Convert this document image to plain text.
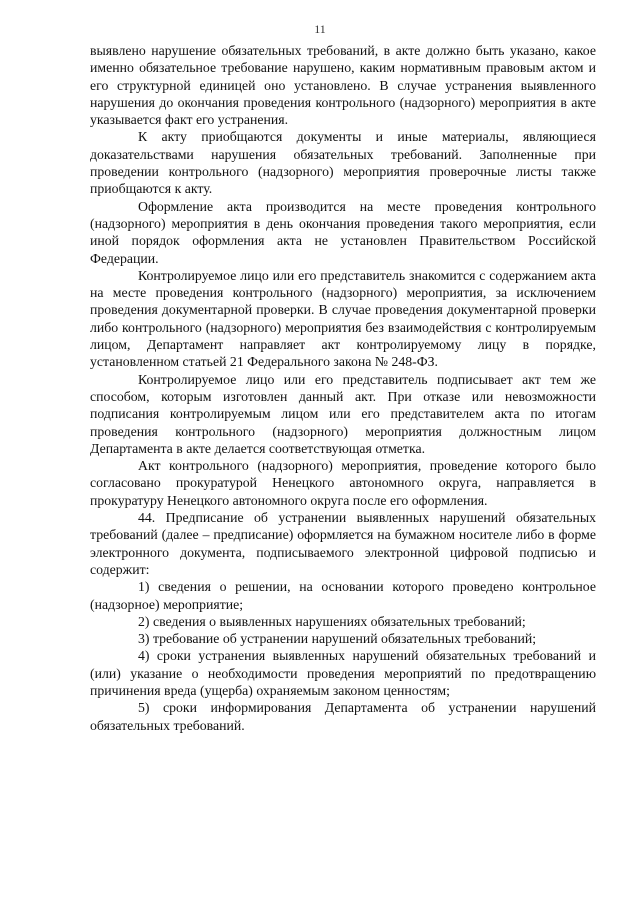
11

выявлено нарушение обязательных требований, в акте должно быть указано, какое именно обязательное требование нарушено, каким нормативным правовым актом и его структурной единицей оно установлено. В случае устранения выявленного нарушения до окончания проведения контрольного (надзорного) мероприятия в акте указывается факт его устранения.

К акту приобщаются документы и иные материалы, являющиеся доказательствами нарушения обязательных требований. Заполненные при проведении контрольного (надзорного) мероприятия проверочные листы также приобщаются к акту.

Оформление акта производится на месте проведения контрольного (надзорного) мероприятия в день окончания проведения такого мероприятия, если иной порядок оформления акта не установлен Правительством Российской Федерации.

Контролируемое лицо или его представитель знакомится с содержанием акта на месте проведения контрольного (надзорного) мероприятия, за исключением проведения документарной проверки. В случае проведения документарной проверки либо контрольного (надзорного) мероприятия без взаимодействия с контролируемым лицом, Департамент направляет акт контролируемому лицу в порядке, установленном статьей 21 Федерального закона № 248-ФЗ.

Контролируемое лицо или его представитель подписывает акт тем же способом, которым изготовлен данный акт. При отказе или невозможности подписания контролируемым лицом или его представителем акта по итогам проведения контрольного (надзорного) мероприятия должностным лицом Департамента в акте делается соответствующая отметка.

Акт контрольного (надзорного) мероприятия, проведение которого было согласовано прокуратурой Ненецкого автономного округа, направляется в прокуратуру Ненецкого автономного округа после его оформления.

44. Предписание об устранении выявленных нарушений обязательных требований (далее – предписание) оформляется на бумажном носителе либо в форме электронного документа, подписываемого электронной цифровой подписью и содержит:

1) сведения о решении, на основании которого проведено контрольное (надзорное) мероприятие;

2) сведения о выявленных нарушениях обязательных требований;

3) требование об устранении нарушений обязательных требований;

4) сроки устранения выявленных нарушений обязательных требований и (или) указание о необходимости проведения мероприятий по предотвращению причинения вреда (ущерба) охраняемым законом ценностям;

5) сроки информирования Департамента об устранении нарушений обязательных требований.
